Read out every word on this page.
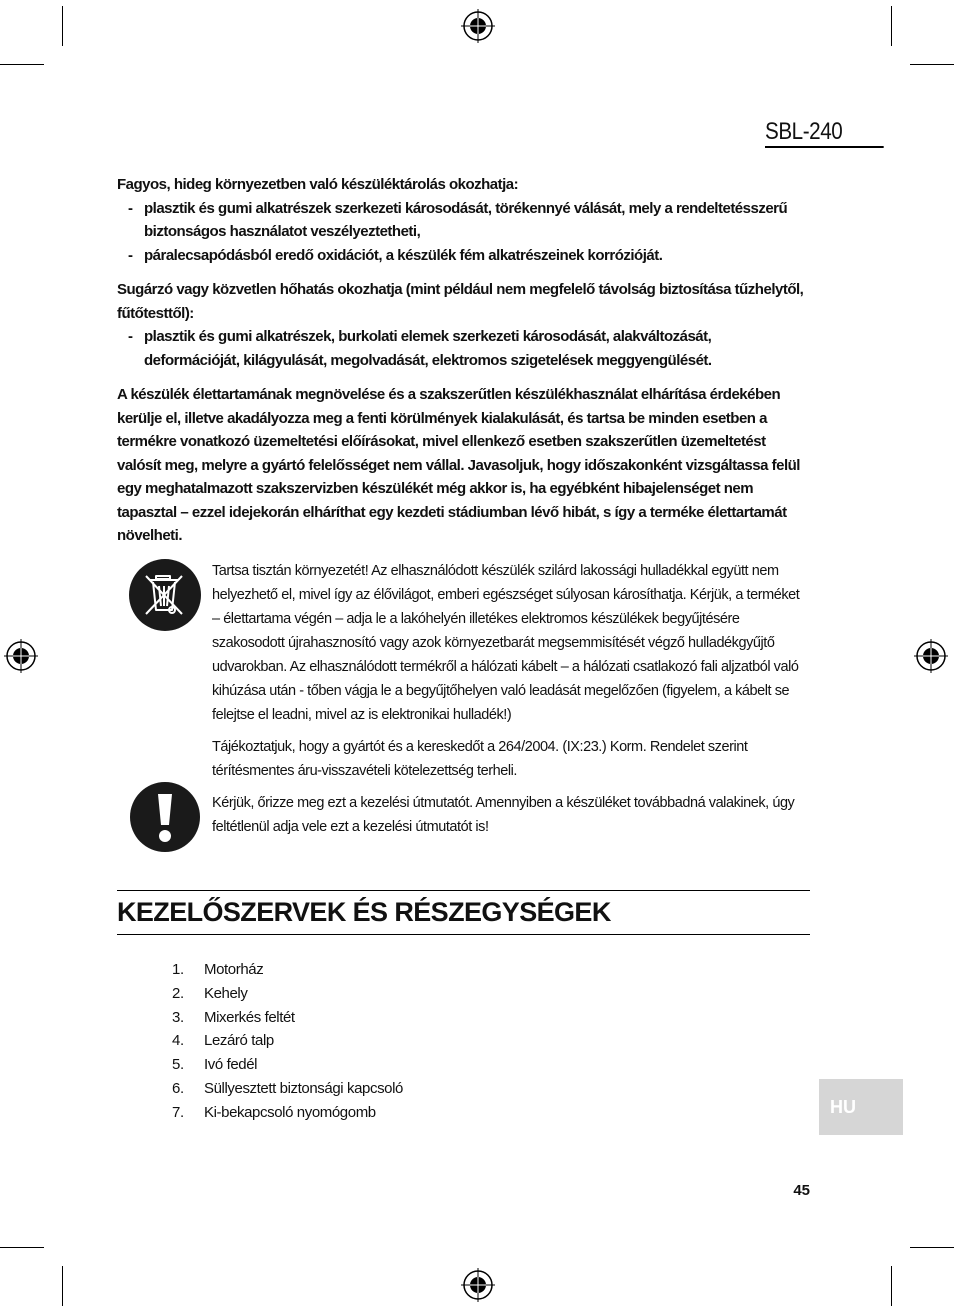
SBL-240
Fagyos, hideg környezetben való készüléktárolás okozhatja:
- plasztik és gumi alkatrészek szerkezeti károsodását, törékennyé válását, mely a rendeltetésszerű biztonságos használatot veszélyeztetheti,
- páralecsapódásból eredő oxidációt, a készülék fém alkatrészeinek korrózióját.
Sugárzó vagy közvetlen hőhatás okozhatja (mint például nem megfelelő távolság biztosítása tűzhelytől, fűtőtesttől):
- plasztik és gumi alkatrészek, burkolati elemek szerkezeti károsodását, alakváltozását, deformációját, kilágyulását, megolvadását, elektromos szigetelések meggyengülését.
A készülék élettartamának megnövelése és a szakszerűtlen készülékhasználat elhárítása érdekében kerülje el, illetve akadályozza meg a fenti körülmények kialakulását, és tartsa be minden esetben a termékre vonatkozó üzemeltetési előírásokat, mivel ellenkező esetben szakszerűtlen üzemeltetést valósít meg, melyre a gyártó felelősséget nem vállal. Javasoljuk, hogy időszakonként vizsgáltassa felül egy meghatalmazott szakszervizben készülékét még akkor is, ha egyébként hibajelenséget nem tapasztal – ezzel idejekorán elháríthat egy kezdeti stádiumban lévő hibát, s így a terméke élettartamát növelheti.
Tartsa tisztán környezetét! Az elhasználódott készülék szilárd lakossági hulladékkal együtt nem helyezhető el, mivel így az élővilágot, emberi egészséget súlyosan károsíthatja. Kérjük, a terméket – élettartama végén – adja le a lakóhelyén illetékes elektromos készülékek begyűjtésére szakosodott újrahasznosító vagy azok környezetbarát megsemmisítését végző hulladékgyűjtő udvarokban. Az elhasználódott termékről a hálózati kábelt – a hálózati csatlakozó fali aljzatból való kihúzása után - tőben vágja le a begyűjtőhelyen való leadását megelőzően (figyelem, a kábelt se felejtse el leadni, mivel az is elektronikai hulladék!)
Tájékoztatjuk, hogy a gyártót és a kereskedőt a 264/2004. (IX:23.) Korm. Rendelet szerint térítésmentes áru-visszavételi kötelezettség terheli.
Kérjük, őrizze meg ezt a kezelési útmutatót. Amennyiben a készüléket továbbadná valakinek, úgy feltétlenül adja vele ezt a kezelési útmutatót is!
KEZELŐSZERVEK ÉS RÉSZEGYSÉGEK
1.	Motorház
2.	Kehely
3.	Mixerkés feltét
4.	Lezáró talp
5.	Ivó fedél
6.	Süllyesztett biztonsági kapcsoló
7.	Ki-bekapcsoló nyomógomb	HU
45
